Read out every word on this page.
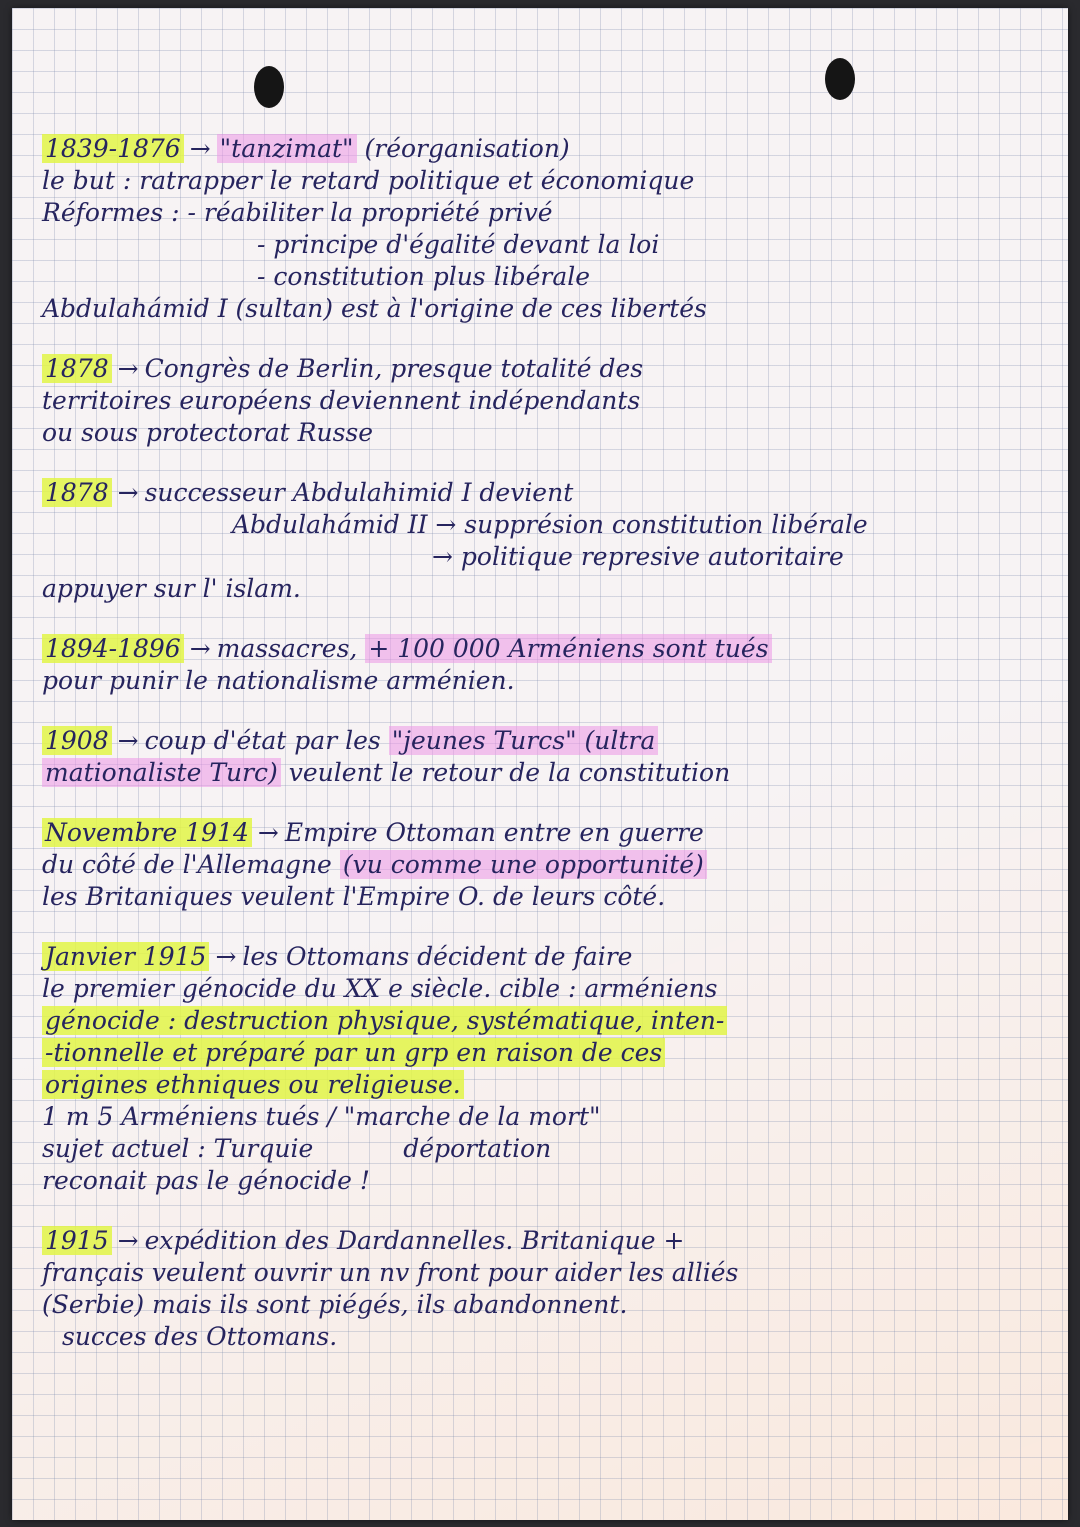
1839-1876 → "tanzimat" (réorganisation)
le but : ratrapper le retard politique et économique
Réformes : - réabiliter la propriété privé
- principe d'égalité devant la loi
- constitution plus libérale
Abdulahámid I (sultan) est à l'origine de ces libertés
1878 → Congrès de Berlin, presque totalité des
territoires européens deviennent indépendants
ou sous protectorat Russe
1878 → successeur Abdulahimid I devient
Abdulahámid II → supprésion constitution libérale
→ politique represive autoritaire
appuyer sur l' islam.
1894-1896 → massacres, + 100 000 Arméniens sont tués
pour punir le nationalisme arménien.
1908 → coup d'état par les "jeunes Turcs" (ultra
mationaliste Turc) veulent le retour de la constitution
Novembre 1914 → Empire Ottoman entre en guerre
du côté de l'Allemagne (vu comme une opportunité)
les Britaniques veulent l'Empire O. de leurs côté.
Janvier 1915 → les Ottomans décident de faire
le premier génocide du XX e siècle. cible : arméniens
génocide : destruction physique, systématique, inten-
-tionnelle et préparé par un grp en raison de ces
origines ethniques ou religieuse.
1 m 5 Arméniens tués / "marche de la mort"
sujet actuel : Turquie	déportation
reconait pas le génocide !
1915 → expédition des Dardannelles. Britanique +
français veulent ouvrir un nv front pour aider les alliés
(Serbie) mais ils sont piégés, ils abandonnent.
succes des Ottomans.
